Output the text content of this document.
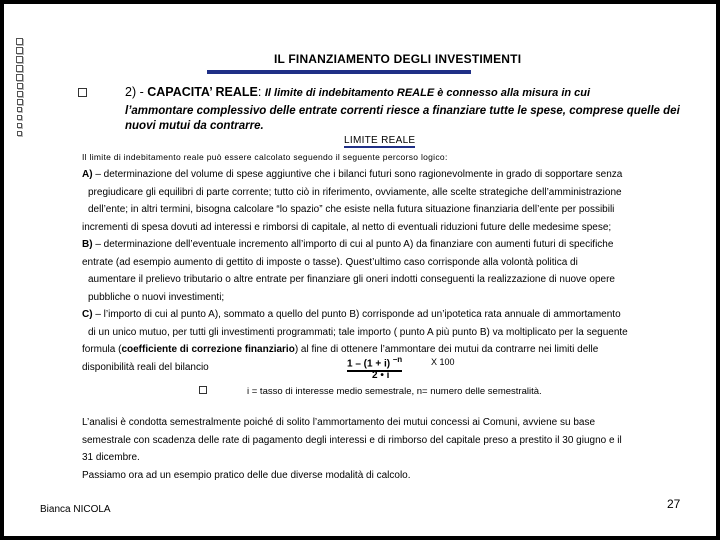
IL FINANZIAMENTO DEGLI INVESTIMENTI
2) - CAPACITA’ REALE: Il limite di indebitamento REALE è connesso alla misura in cui
l’ammontare complessivo delle entrate correnti riesce a finanziare tutte le spese, comprese quelle dei nuovi mutui da contrarre.
LIMITE REALE
Il limite di indebitamento reale può essere calcolato seguendo il seguente percorso logico:

A) – determinazione del volume di spese aggiuntive che i bilanci futuri sono ragionevolmente in grado di sopportare senza

pregiudicare gli equilibri di parte corrente; tutto ciò in riferimento, ovviamente, alle scelte strategiche dell’amministrazione

dell’ente; in altri termini, bisogna calcolare “lo spazio” che esiste nella futura situazione finanziaria dell’ente per possibili

incrementi di spesa dovuti ad interessi e rimborsi di capitale, al netto di eventuali riduzioni future delle medesime spese;

B) – determinazione dell’eventuale incremento all’importo di cui al punto A) da finanziare con aumenti futuri di specifiche

entrate (ad esempio aumento di gettito di imposte o tasse). Quest’ultimo caso corrisponde alla volontà politica di

aumentare il prelievo tributario o altre entrate per finanziare gli oneri indotti conseguenti la realizzazione di nuove opere

pubbliche o nuovi investimenti;

C) – l’importo di cui al punto A), sommato a quello del punto B) corrisponde ad un’ipotetica rata annuale di ammortamento

di un unico mutuo, per tutti gli investimenti programmati; tale importo ( punto A più punto B) va moltiplicato per la seguente

formula (coefficiente di correzione finanziario) al fine di ottenere l’ammontare dei mutui da contrarre nei limiti delle

disponibilità reali del bilancio	1 – (1 + i) $^{-n}$
2 • i
X 100
i = tasso di interesse medio semestrale, n= numero delle semestralità.

L’analisi è condotta semestralmente poiché di solito l’ammortamento dei mutui concessi ai Comuni, avviene su base

semestrale con scadenza delle rate di pagamento degli interessi e di rimborso del capitale preso a prestito il 30 giugno e il

31 dicembre.

Passiamo ora ad un esempio pratico delle due diverse modalità di calcolo.

Bianca NICOLA	27
